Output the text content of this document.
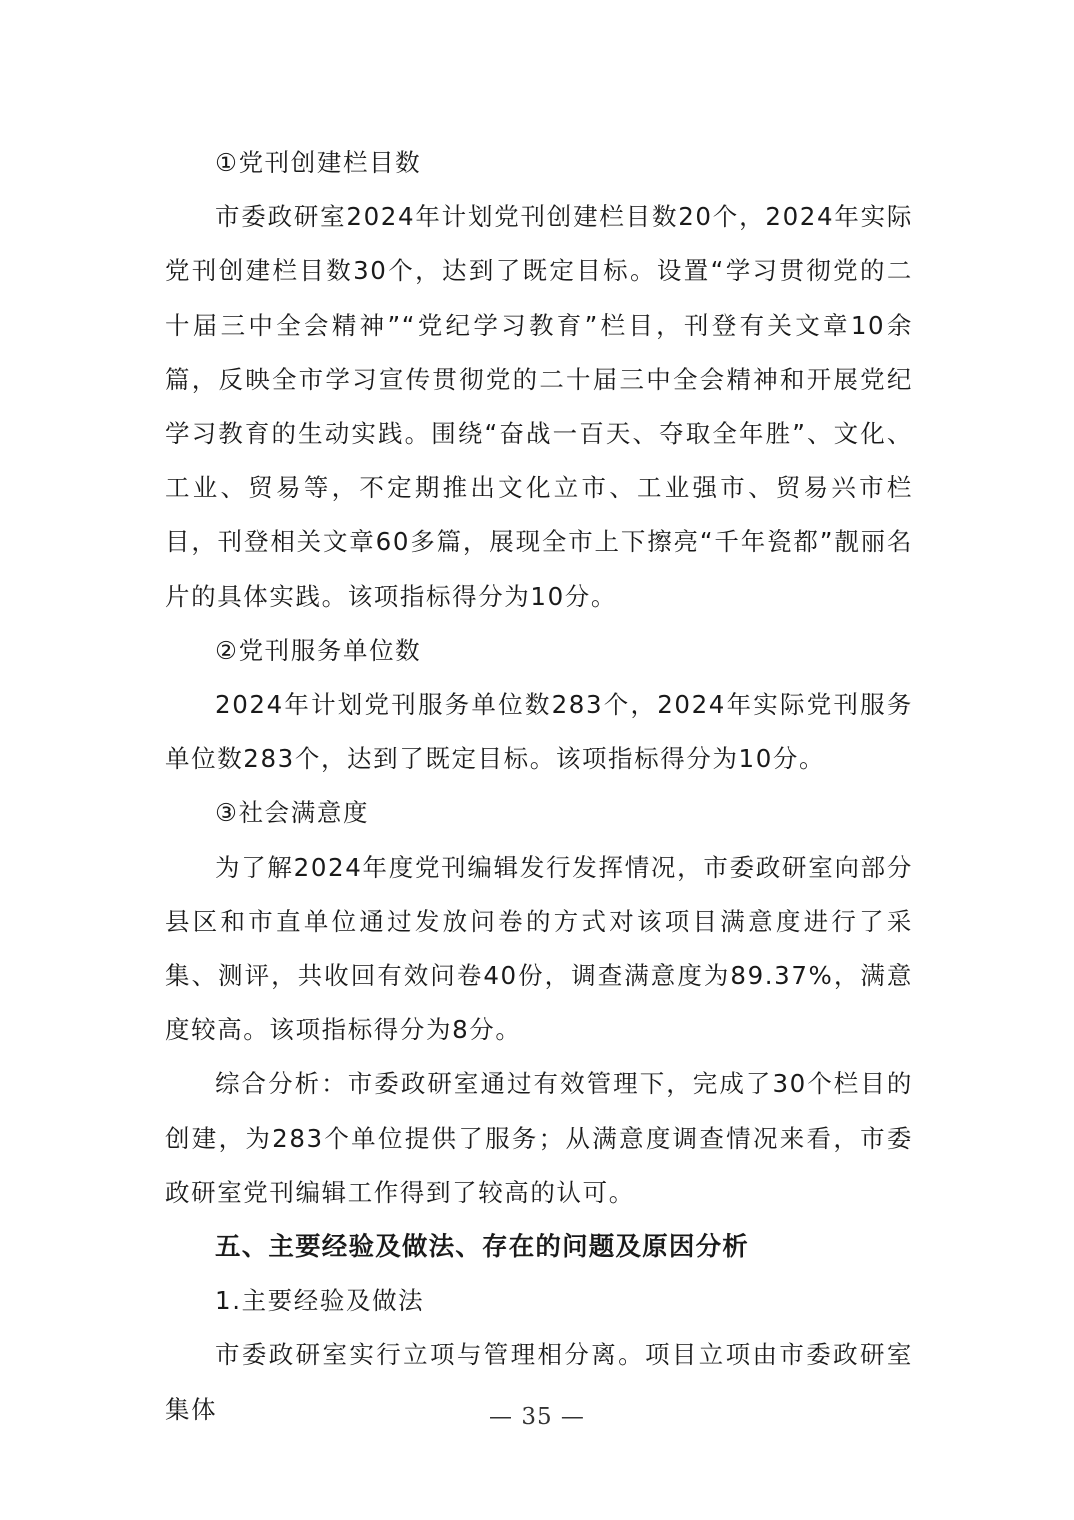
①党刊创建栏目数

市委政研室2024年计划党刊创建栏目数20个，2024年实际党刊创建栏目数30个，达到了既定目标。设置“学习贯彻党的二十届三中全会精神”“党纪学习教育”栏目，刊登有关文章10余篇，反映全市学习宣传贯彻党的二十届三中全会精神和开展党纪学习教育的生动实践。围绕“奋战一百天、夺取全年胜”、文化、工业、贸易等，不定期推出文化立市、工业强市、贸易兴市栏目，刊登相关文章60多篇，展现全市上下擦亮“千年瓷都”靓丽名片的具体实践。该项指标得分为10分。

②党刊服务单位数

2024年计划党刊服务单位数283个，2024年实际党刊服务单位数283个，达到了既定目标。该项指标得分为10分。

③社会满意度

为了解2024年度党刊编辑发行发挥情况，市委政研室向部分县区和市直单位通过发放问卷的方式对该项目满意度进行了采集、测评，共收回有效问卷40份，调查满意度为89.37%，满意度较高。该项指标得分为8分。

综合分析：市委政研室通过有效管理下，完成了30个栏目的创建，为283个单位提供了服务；从满意度调查情况来看，市委政研室党刊编辑工作得到了较高的认可。

五、主要经验及做法、存在的问题及原因分析

1.主要经验及做法

市委政研室实行立项与管理相分离。项目立项由市委政研室集体	— 35 —
